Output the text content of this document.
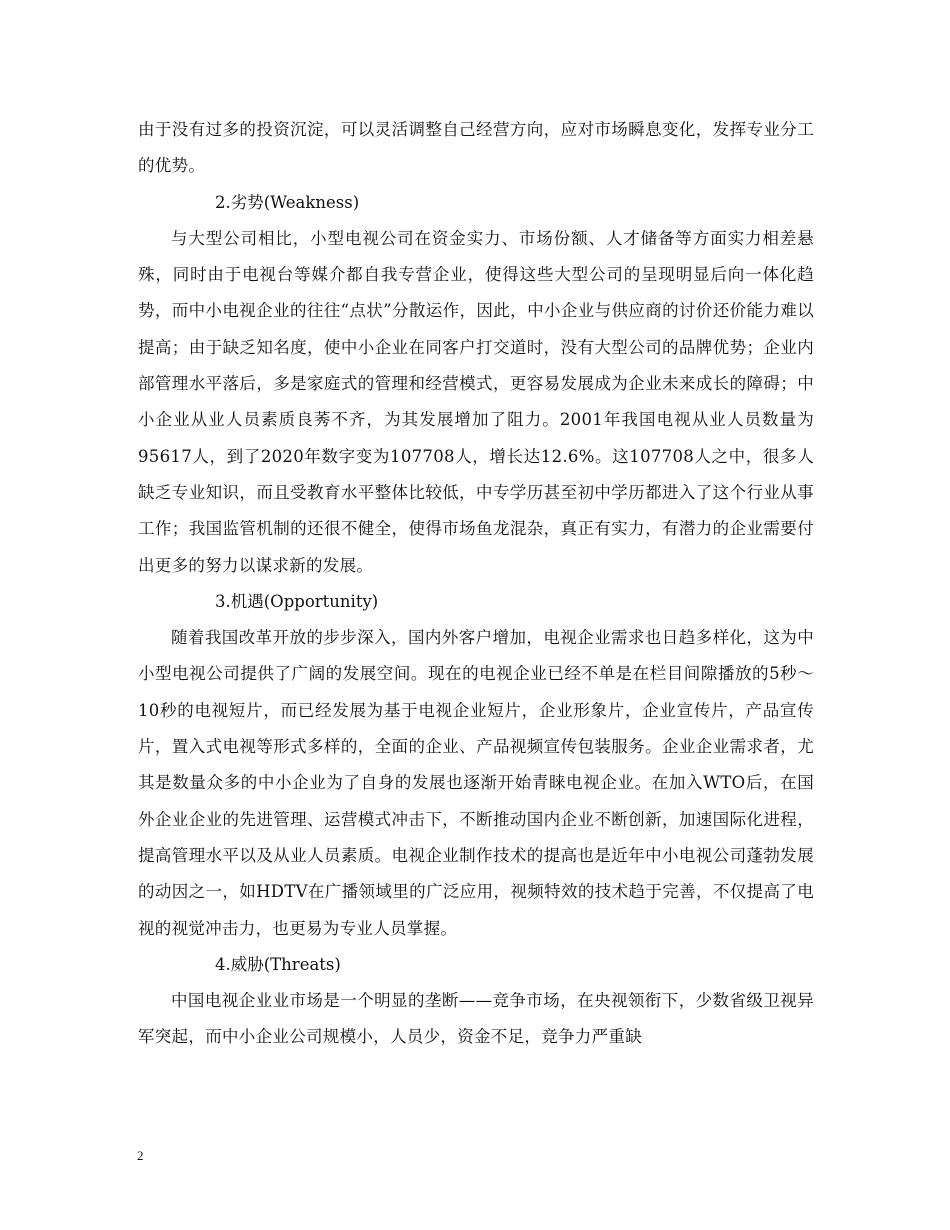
由于没有过多的投资沉淀，可以灵活调整自己经营方向，应对市场瞬息变化，发挥专业分工的优势。

2.劣势(Weakness)

与大型公司相比，小型电视公司在资金实力、市场份额、人才储备等方面实力相差悬殊，同时由于电视台等媒介都自我专营企业，使得这些大型公司的呈现明显后向一体化趋势，而中小电视企业的往往“点状”分散运作，因此，中小企业与供应商的讨价还价能力难以提高；由于缺乏知名度，使中小企业在同客户打交道时，没有大型公司的品牌优势；企业内部管理水平落后，多是家庭式的管理和经营模式，更容易发展成为企业未来成长的障碍；中小企业从业人员素质良莠不齐，为其发展增加了阻力。2001年我国电视从业人员数量为95617人，到了2020年数字变为107708人，增长达12.6%。这107708人之中，很多人缺乏专业知识，而且受教育水平整体比较低，中专学历甚至初中学历都进入了这个行业从事工作；我国监管机制的还很不健全，使得市场鱼龙混杂，真正有实力，有潜力的企业需要付出更多的努力以谋求新的发展。

3.机遇(Opportunity)

随着我国改革开放的步步深入，国内外客户增加，电视企业需求也日趋多样化，这为中小型电视公司提供了广阔的发展空间。现在的电视企业已经不单是在栏目间隙播放的5秒～10秒的电视短片，而已经发展为基于电视企业短片，企业形象片，企业宣传片，产品宣传片，置入式电视等形式多样的，全面的企业、产品视频宣传包装服务。企业企业需求者，尤其是数量众多的中小企业为了自身的发展也逐渐开始青睐电视企业。在加入WTO后，在国外企业企业的先进管理、运营模式冲击下，不断推动国内企业不断创新，加速国际化进程，提高管理水平以及从业人员素质。电视企业制作技术的提高也是近年中小电视公司蓬勃发展的动因之一，如HDTV在广播领域里的广泛应用，视频特效的技术趋于完善，不仅提高了电视的视觉冲击力，也更易为专业人员掌握。

4.威胁(Threats)

中国电视企业业市场是一个明显的垄断——竞争市场，在央视领衔下，少数省级卫视异军突起，而中小企业公司规模小，人员少，资金不足，竞争力严重缺

2
